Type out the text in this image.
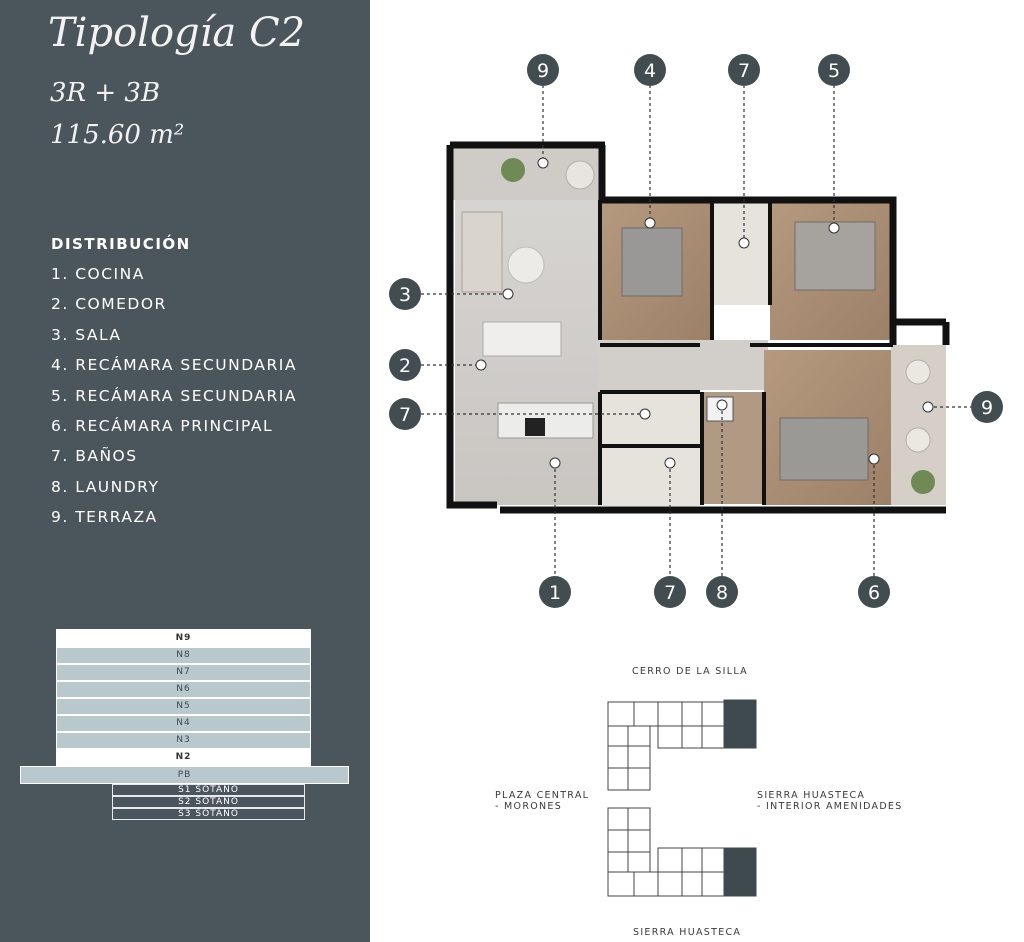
Tipología C2
3R + 3B
115.60 m²
DISTRIBUCIÓN
1. COCINA
2. COMEDOR
3. SALA
4. RECÁMARA SECUNDARIA
5. RECÁMARA SECUNDARIA
6. RECÁMARA PRINCIPAL
7. BAÑOS
8. LAUNDRY
9. TERRAZA
N9
N8
N7
N6
N5
N4
N3
N2
PB
S1 SÓTANO
S2 SÓTANO
S3 SÓTANO
9	4	7	5
3
2
7	9
1	7 8	6
CERRO DE LA SILLA
PLAZA CENTRAL
- MORONES
SIERRA HUASTECA
- INTERIOR AMENIDADES
SIERRA HUASTECA
